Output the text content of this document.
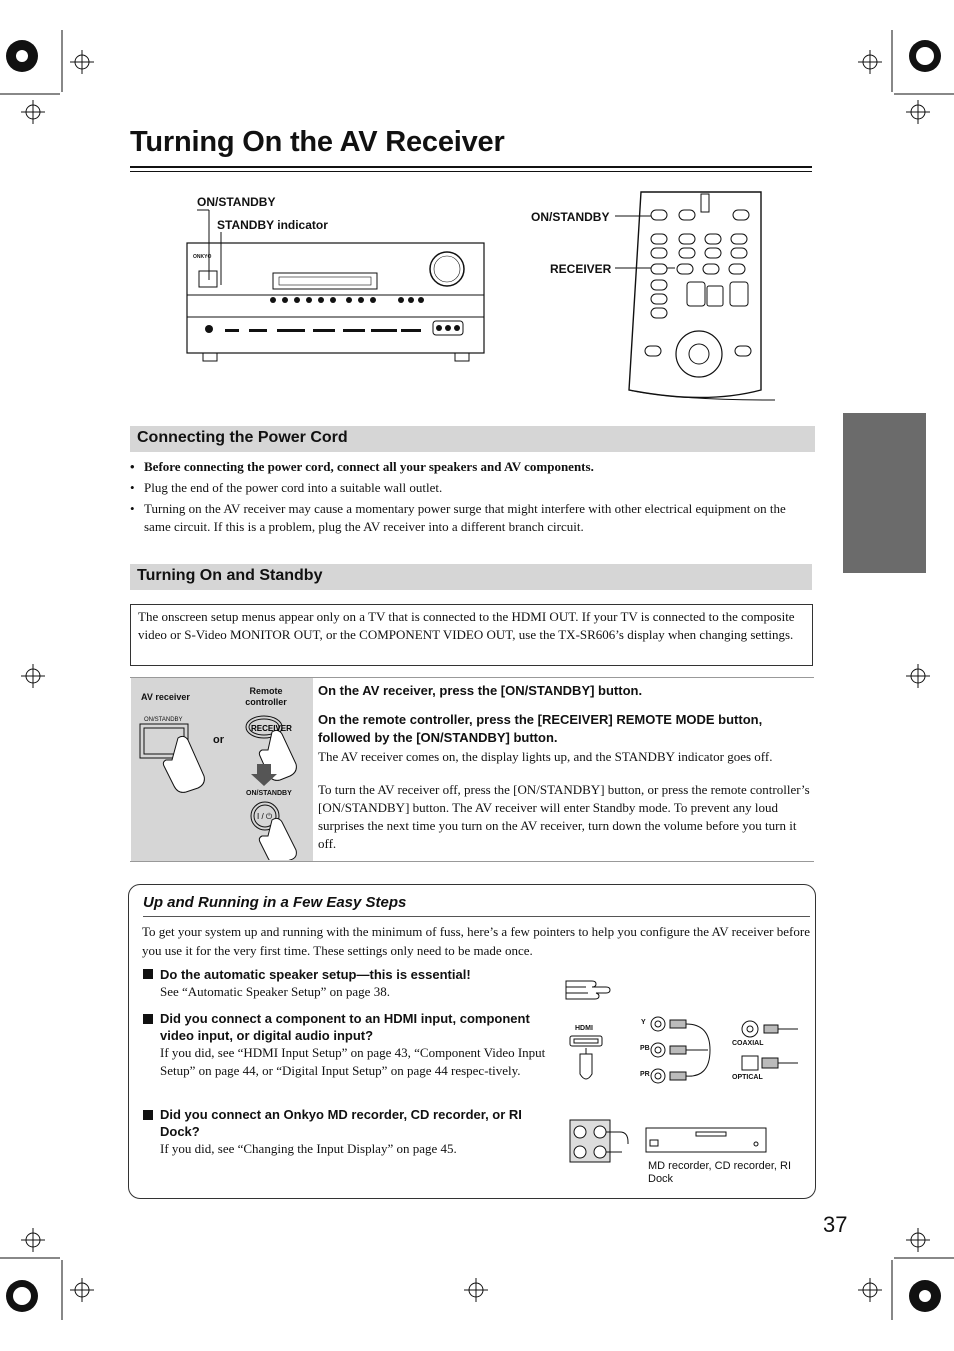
Turning On the AV Receiver
ON/STANDBY
STANDBY indicator
ONKYO
ON/STANDBY
RECEIVER
Connecting the Power Cord
• Before connecting the power cord, connect all your speakers and AV components.
• Plug the end of the power cord into a suitable wall outlet.
• Turning on the AV receiver may cause a momentary power surge that might interfere with other electrical equipment on the same circuit. If this is a problem, plug the AV receiver into a different branch circuit.
Turning On and Standby
The onscreen setup menus appear only on a TV that is connected to the HDMI OUT. If your TV is connected to the composite video or S-Video MONITOR OUT, or the COMPONENT VIDEO OUT, use the TX-SR606’s display when changing settings.
AV receiver
Remote controller
ON/STANDBY
or
ON/STANDBY
RECEIVER
I / ⏻
On the AV receiver, press the [ON/STANDBY] button.
On the remote controller, press the [RECEIVER] REMOTE MODE button, followed by the [ON/STANDBY] button.
The AV receiver comes on, the display lights up, and the STANDBY indicator goes off.
To turn the AV receiver off, press the [ON/STANDBY] button, or press the remote controller’s [ON/STANDBY] button. The AV receiver will enter Standby mode. To prevent any loud surprises the next time you turn on the AV receiver, turn down the volume before you turn it off.
Up and Running in a Few Easy Steps
To get your system up and running with the minimum of fuss, here’s a few pointers to help you configure the AV receiver before you use it for the very first time. These settings only need to be made once.
Do the automatic speaker setup—this is essential!
See “Automatic Speaker Setup” on page 38.
Did you connect a component to an HDMI input, component video input, or digital audio input?
If you did, see “HDMI Input Setup” on page 43, “Component Video Input Setup” on page 44, or “Digital Input Setup” on page 44 respec-tively.
Did you connect an Onkyo MD recorder, CD recorder, or RI Dock?
If you did, see “Changing the Input Display” on page 45.
HDMI
Y
PB
PR
COAXIAL
OPTICAL
MD recorder, CD recorder, RI Dock
37
